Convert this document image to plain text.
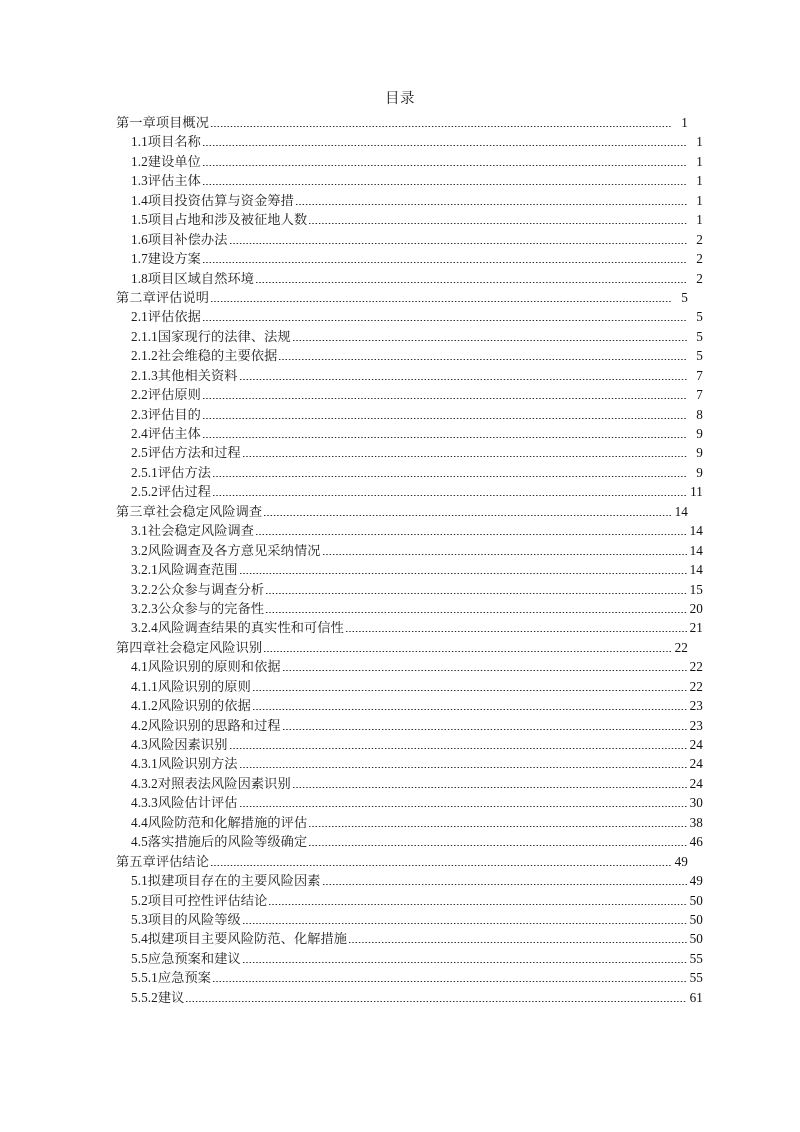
目录
第一章项目概况	1
1.1项目名称	1
1.2建设单位	1
1.3评估主体	1
1.4项目投资估算与资金筹措	1
1.5项目占地和涉及被征地人数	1
1.6项目补偿办法	2
1.7建设方案	2
1.8项目区域自然环境	2
第二章评估说明	5
2.1评估依据	5
2.1.1国家现行的法律、法规	5
2.1.2社会维稳的主要依据	5
2.1.3其他相关资料	7
2.2评估原则	7
2.3评估目的	8
2.4评估主体	9
2.5评估方法和过程	9
2.5.1评估方法	9
2.5.2评估过程	11
第三章社会稳定风险调查	14
3.1社会稳定风险调查	14
3.2风险调查及各方意见采纳情况	14
3.2.1风险调查范围	14
3.2.2公众参与调查分析	15
3.2.3公众参与的完备性	20
3.2.4风险调查结果的真实性和可信性	21
第四章社会稳定风险识别	22
4.1风险识别的原则和依据	22
4.1.1风险识别的原则	22
4.1.2风险识别的依据	23
4.2风险识别的思路和过程	23
4.3风险因素识别	24
4.3.1风险识别方法	24
4.3.2对照表法风险因素识别	24
4.3.3风险估计评估	30
4.4风险防范和化解措施的评估	38
4.5落实措施后的风险等级确定	46
第五章评估结论	49
5.1拟建项目存在的主要风险因素	49
5.2项目可控性评估结论	50
5.3项目的风险等级	50
5.4拟建项目主要风险防范、化解措施	50
5.5应急预案和建议	55
5.5.1应急预案	55
5.5.2建议	61
